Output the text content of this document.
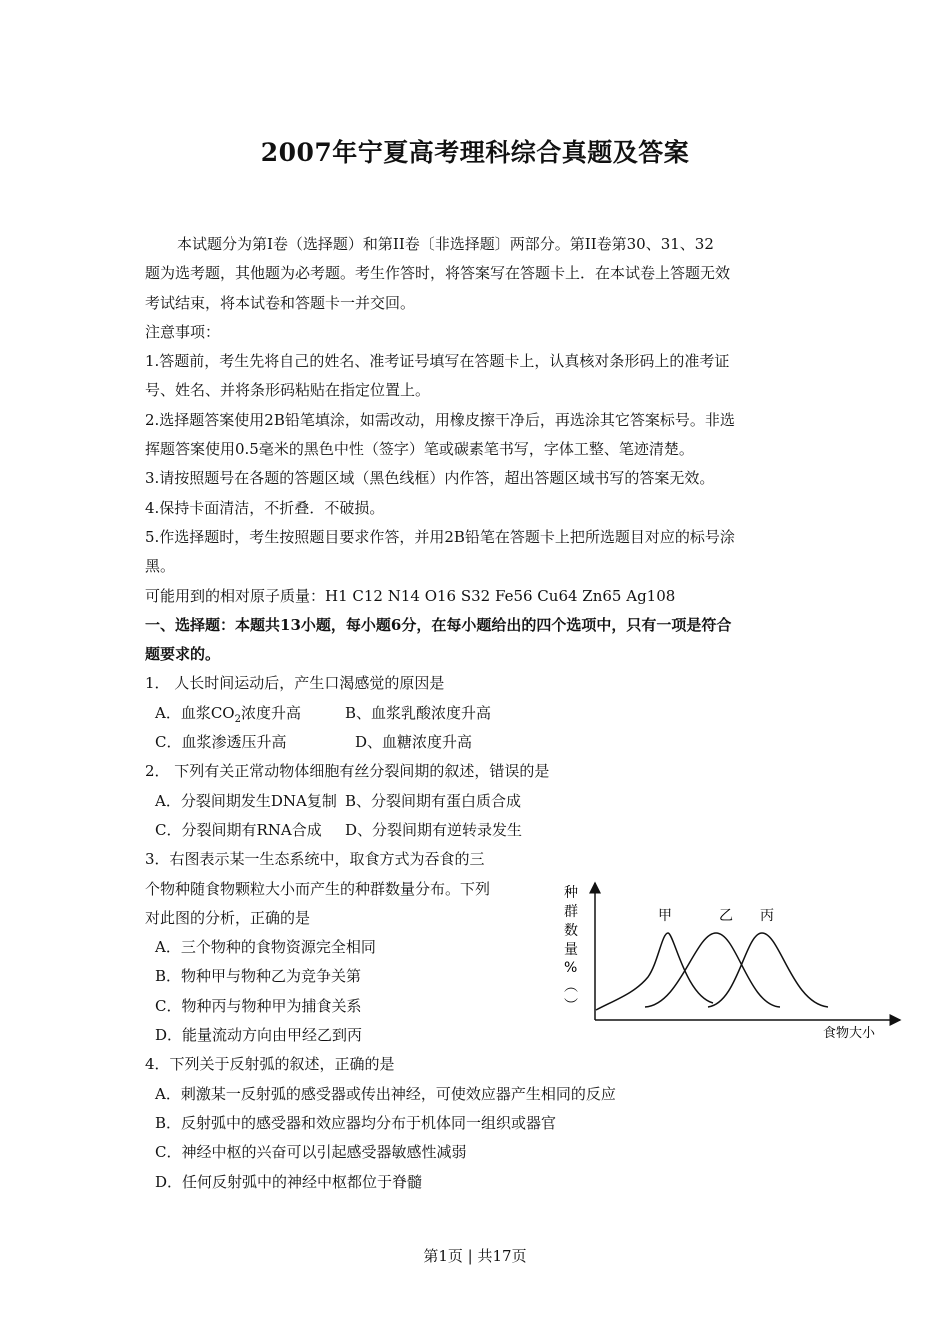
2007年宁夏高考理科综合真题及答案
本试题分为第Ⅰ卷（选择题）和第II卷〔非选择题〕两部分。第II卷第30、31、32
题为选考题，其他题为必考题。考生作答时，将答案写在答题卡上．在本试卷上答题无效
考试结束，将本试卷和答题卡一并交回。
注意事项：
1.答题前，考生先将自己的姓名、准考证号填写在答题卡上，认真核对条形码上的准考证
号、姓名、并将条形码粘贴在指定位置上。
2.选择题答案使用2B铅笔填涂，如需改动，用橡皮擦干净后，再选涂其它答案标号。非选
挥题答案使用0.5毫米的黑色中性（签字）笔或碳素笔书写，字体工整、笔迹清楚。
3.请按照题号在各题的答题区域（黑色线框）内作答，超出答题区域书写的答案无效。
4.保持卡面清洁，不折叠．不破损。
5.作选择题时，考生按照题目要求作答，并用2B铅笔在答题卡上把所选题目对应的标号涂
黑。
可能用到的相对原子质量：H1 C12 N14 O16 S32 Fe56 Cu64 Zn65 Ag108
一、选择题：本题共13小题，每小题6分，在每小题给出的四个选项中，只有一项是符合
题要求的。
1． 人长时间运动后，产生口渴感觉的原因是
A．血浆$CO_2$浓度升高	B、血浆乳酸浓度升高
C．血浆渗透压升高	D、血糖浓度升高
2． 下列有关正常动物体细胞有丝分裂间期的叙述，错误的是
A．分裂间期发生DNA复制 B、分裂间期有蛋白质合成
C．分裂间期有RNA合成 D、分裂间期有逆转录发生
3．右图表示某一生态系统中，取食方式为吞食的三
个物种随食物颗粒大小而产生的种群数量分布。下列
对此图的分析，正确的是
A．三个物种的食物资源完全相同
B．物种甲与物种乙为竞争关第
C．物种丙与物种甲为捕食关系
D．能量流动方向由甲经乙到丙
4．下列关于反射弧的叙述，正确的是
A．刺激某一反射弧的感受器或传出神经，可使效应器产生相同的反应
B．反射弧中的感受器和效应器均分布于机体同一组织或器官
C．神经中枢的兴奋可以引起感受器敏感性减弱
D．任何反射弧中的神经中枢都位于脊髓
种
群
数
量
%
︵
︶
食物大小
甲	乙 丙
第1页 | 共17页
